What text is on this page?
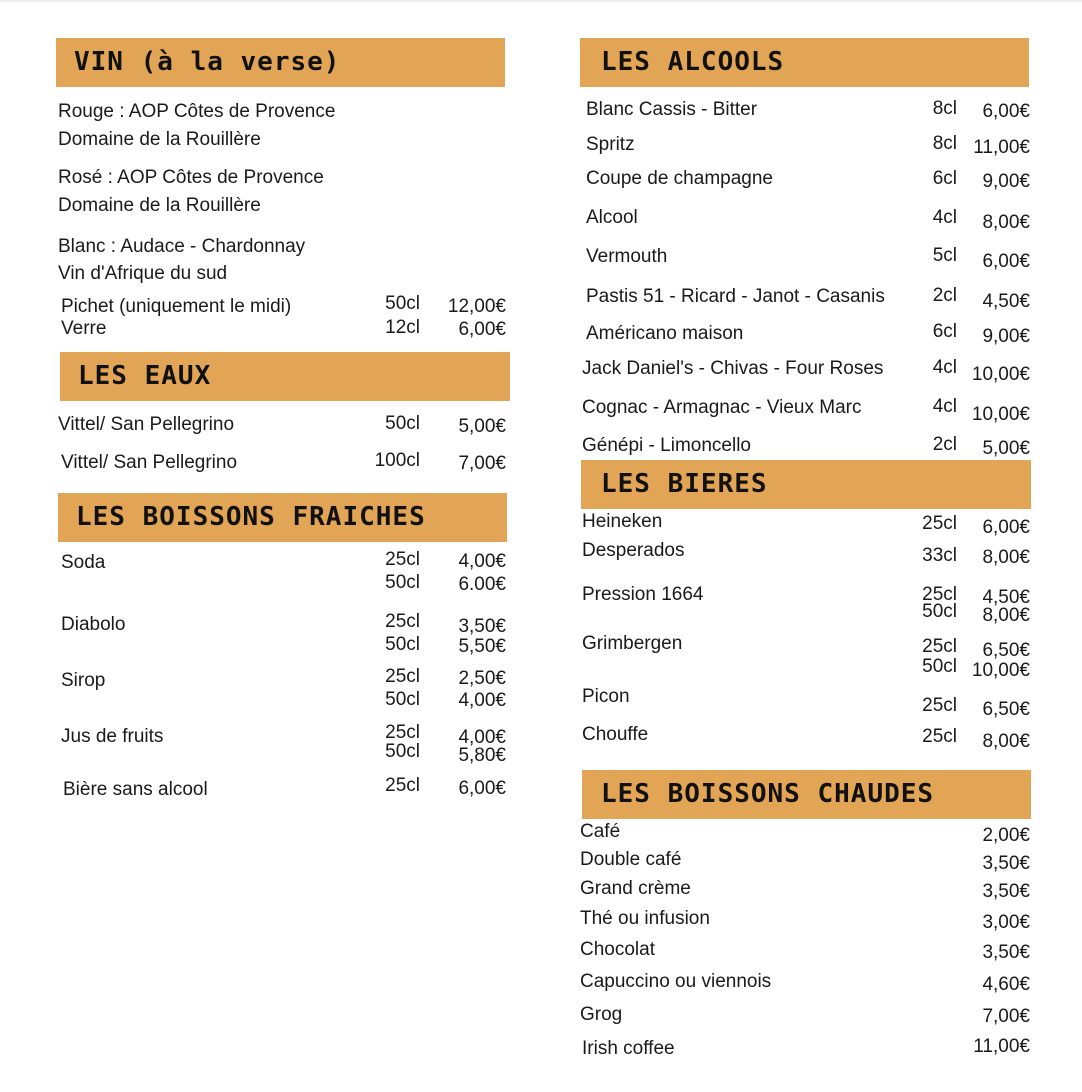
VIN (à la verse)
Rouge : AOP Côtes de Provence
Domaine de la Rouillère
Rosé : AOP Côtes de Provence
Domaine de la Rouillère
Blanc : Audace - Chardonnay
Vin d'Afrique du sud
Pichet (uniquement le midi)	50cl	12,00€
Verre	12cl	6,00€
LES EAUX
Vittel/ San Pellegrino	50cl	5,00€
Vittel/ San Pellegrino	100cl	7,00€
LES BOISSONS FRAICHES
Soda	25cl	4,00€
50cl	6.00€
Diabolo	25cl	3,50€
50cl	5,50€
Sirop	25cl	2,50€
50cl	4,00€
Jus de fruits	25cl	4,00€
50cl	5,80€
Bière sans alcool	25cl	6,00€
LES ALCOOLS
Blanc Cassis - Bitter	8cl	6,00€
Spritz	8cl 11,00€
Coupe de champagne	6cl	9,00€
Alcool	4cl	8,00€
Vermouth	5cl	6,00€
Pastis 51 - Ricard - Janot - Casanis	2cl	4,50€
Américano maison	6cl	9,00€
Jack Daniel's - Chivas - Four Roses	4cl 10,00€
Cognac - Armagnac - Vieux Marc	4cl 10,00€
Génépi - Limoncello	2cl	5,00€
LES BIERES
Heineken	25cl	6,00€
Desperados	33cl	8,00€
Pression 1664	25cl	4,50€
50cl	8,00€
Grimbergen	25cl	6,50€
50cl 10,00€
Picon	25cl	6,50€
Chouffe	25cl	8,00€
LES BOISSONS CHAUDES
Café	2,00€
Double café	3,50€
Grand crème	3,50€
Thé ou infusion	3,00€
Chocolat	3,50€
Capuccino ou viennois	4,60€
Grog	7,00€
Irish coffee	11,00€
